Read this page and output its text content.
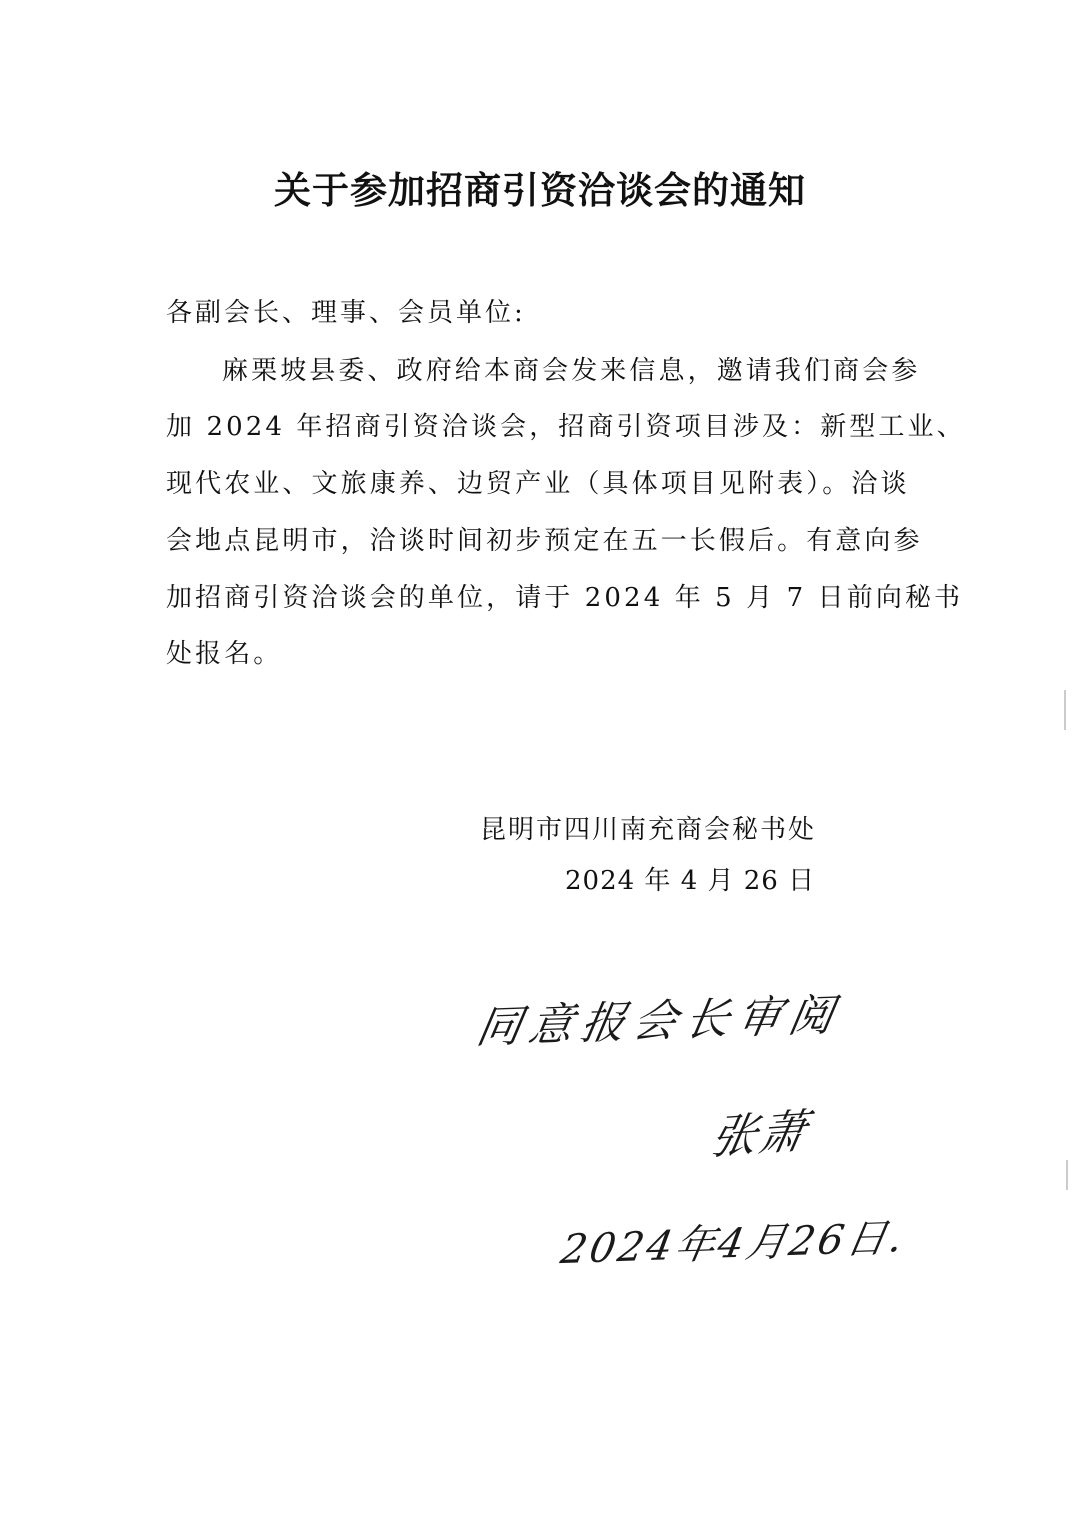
关于参加招商引资洽谈会的通知
各副会长、理事、会员单位:
麻栗坡县委、政府给本商会发来信息，邀请我们商会参
加 2024 年招商引资洽谈会，招商引资项目涉及：新型工业、
现代农业、文旅康养、边贸产业（具体项目见附表）。洽谈
会地点昆明市，洽谈时间初步预定在五一长假后。有意向参
加招商引资洽谈会的单位，请于 2024 年 5 月 7 日前向秘书
处报名。
昆明市四川南充商会秘书处
2024 年 4 月 26 日
同意报会长审阅
张萧
2024年4月26日.
